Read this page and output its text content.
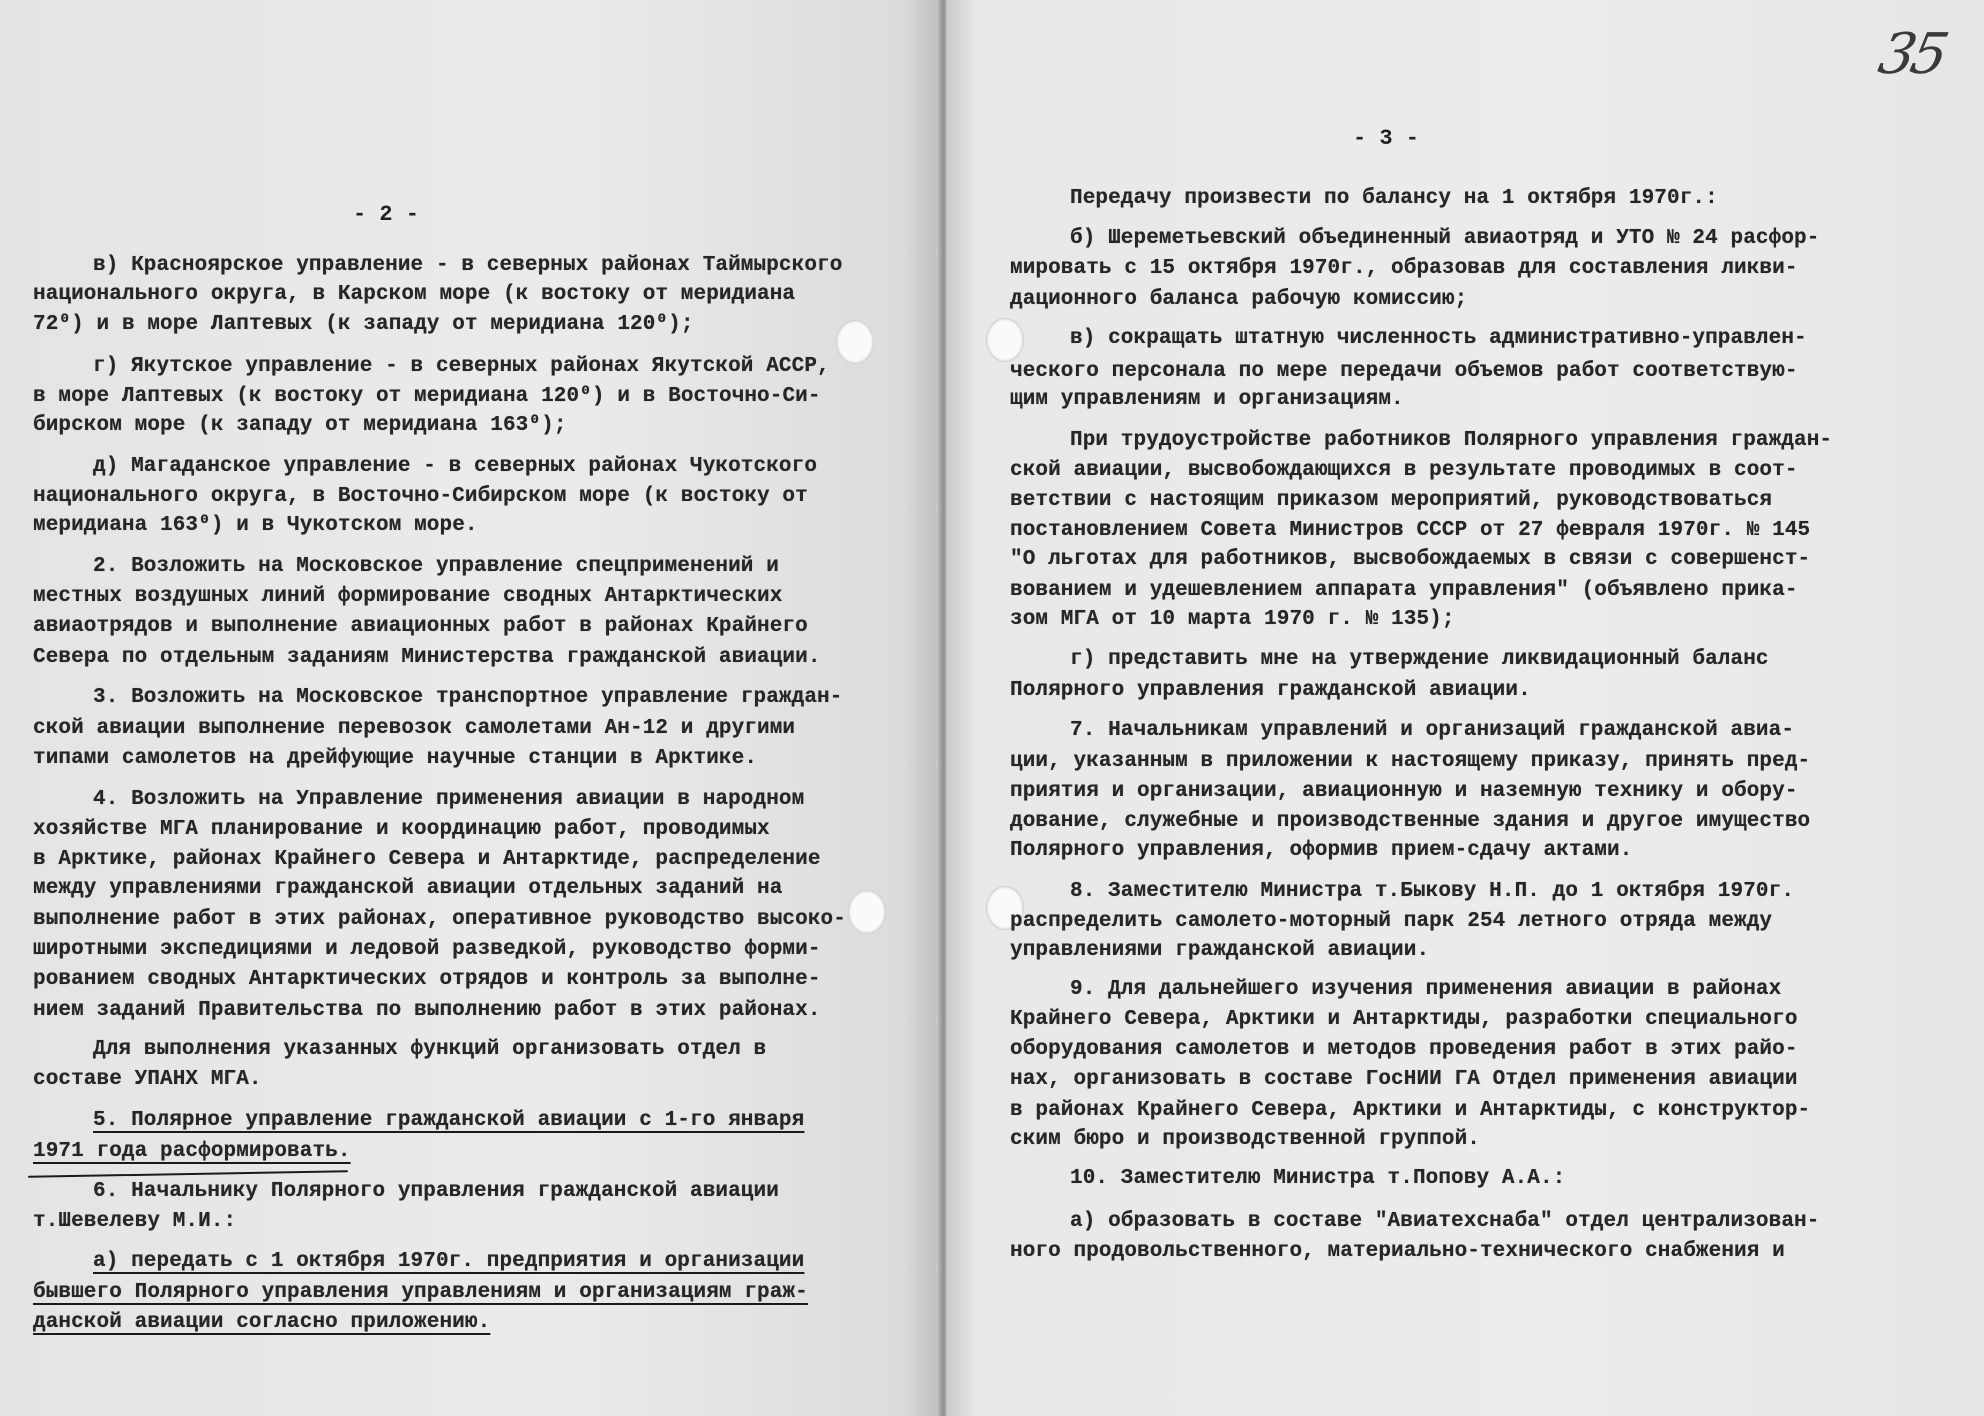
- 2 -
в) Красноярское управление - в северных районах Таймырского
национального округа, в Карском море (к востоку от меридиана
72⁰) и в море Лаптевых (к западу от меридиана 120⁰);
г) Якутское управление - в северных районах Якутской АССР,
в море Лаптевых (к востоку от меридиана 120⁰) и в Восточно-Си-
бирском море (к западу от меридиана 163⁰);
д) Магаданское управление - в северных районах Чукотского
национального округа, в Восточно-Сибирском море (к востоку от
меридиана 163⁰) и в Чукотском море.
2. Возложить на Московское управление спецприменений и
местных воздушных линий формирование сводных Антарктических
авиаотрядов и выполнение авиационных работ в районах Крайнего
Севера по отдельным заданиям Министерства гражданской авиации.
3. Возложить на Московское транспортное управление граждан-
ской авиации выполнение перевозок самолетами Ан-12 и другими
типами самолетов на дрейфующие научные станции в Арктике.
4. Возложить на Управление применения авиации в народном
хозяйстве МГА планирование и координацию работ, проводимых
в Арктике, районах Крайнего Севера и Антарктиде, распределение
между управлениями гражданской авиации отдельных заданий на
выполнение работ в этих районах, оперативное руководство высоко-
широтными экспедициями и ледовой разведкой, руководство форми-
рованием сводных Антарктических отрядов и контроль за выполне-
нием заданий Правительства по выполнению работ в этих районах.
Для выполнения указанных функций организовать отдел в
составе УПАНХ МГА.
5. Полярное управление гражданской авиации с 1-го января
1971 года расформировать.
6. Начальнику Полярного управления гражданской авиации
т.Шевелеву М.И.:
а) передать с 1 октября 1970г. предприятия и организации
бывшего Полярного управления управлениям и организациям граж-
данской авиации согласно приложению.
- 3 -
Передачу произвести по балансу на 1 октября 1970г.:
б) Шереметьевский объединенный авиаотряд и УТО № 24 расфор-
мировать с 15 октября 1970г., образовав для составления ликви-
дационного баланса рабочую комиссию;
в) сокращать штатную численность административно-управлен-
ческого персонала по мере передачи объемов работ соответствую-
щим управлениям и организациям.
При трудоустройстве работников Полярного управления граждан-
ской авиации, высвобождающихся в результате проводимых в соот-
ветствии с настоящим приказом мероприятий, руководствоваться
постановлением Совета Министров СССР от 27 февраля 1970г. № 145
"О льготах для работников, высвобождаемых в связи с совершенст-
вованием и удешевлением аппарата управления" (объявлено прика-
зом МГА от 10 марта 1970 г. № 135);
г) представить мне на утверждение ликвидационный баланс
Полярного управления гражданской авиации.
7. Начальникам управлений и организаций гражданской авиа-
ции, указанным в приложении к настоящему приказу, принять пред-
приятия и организации, авиационную и наземную технику и обору-
дование, служебные и производственные здания и другое имущество
Полярного управления, оформив прием-сдачу актами.
8. Заместителю Министра т.Быкову Н.П. до 1 октября 1970г.
распределить самолето-моторный парк 254 летного отряда между
управлениями гражданской авиации.
9. Для дальнейшего изучения применения авиации в районах
Крайнего Севера, Арктики и Антарктиды, разработки специального
оборудования самолетов и методов проведения работ в этих райо-
нах, организовать в составе ГосНИИ ГА Отдел применения авиации
в районах Крайнего Севера, Арктики и Антарктиды, с конструктор-
ским бюро и производственной группой.
10. Заместителю Министра т.Попову А.А.:
а) образовать в составе "Авиатехснаба" отдел централизован-
ного продовольственного, материально-технического снабжения и
35
